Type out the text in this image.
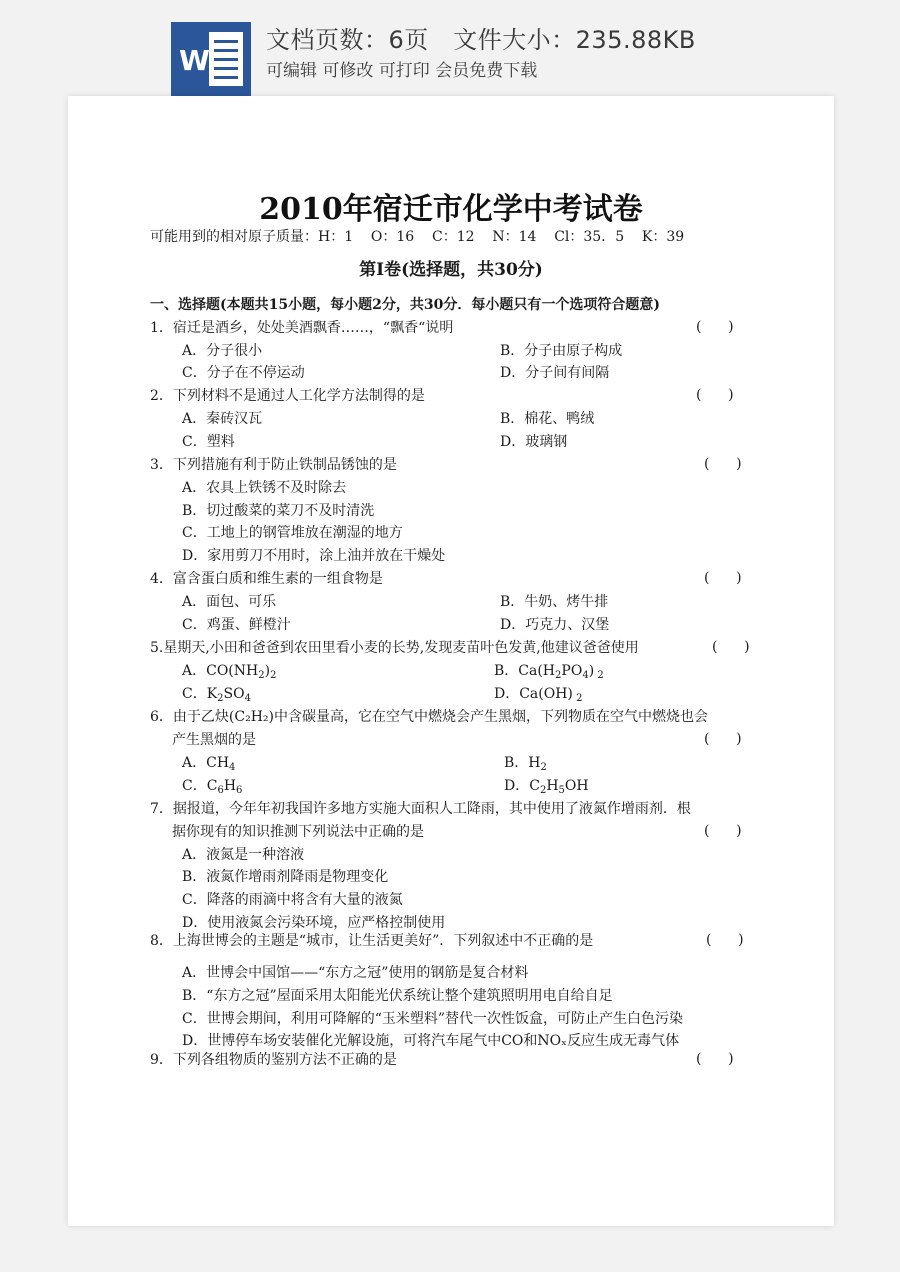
W
文档页数：6页   文件大小：235.88KB
可编辑 可修改 可打印 会员免费下载
2010年宿迁市化学中考试卷
可能用到的相对原子质量：H：1    O：16    C：12    N：14    Cl：35．5    K：39
第Ⅰ卷(选择题，共30分)
一、选择题(本题共15小题，每小题2分，共30分．每小题只有一个选项符合题意)
1．宿迁是酒乡，处处美酒飘香……，“飘香“说明	(      )
A．分子很小	B．分子由原子构成
C．分子在不停运动	D．分子间有间隔
2．下列材料不是通过人工化学方法制得的是	(      )
A．秦砖汉瓦	B．棉花、鸭绒
C．塑料	D．玻璃钢
3．下列措施有利于防止铁制品锈蚀的是	(      )
A．农具上铁锈不及时除去
B．切过酸菜的菜刀不及时清洗
C．工地上的钢管堆放在潮湿的地方
D．家用剪刀不用时，涂上油并放在干燥处
4．富含蛋白质和维生素的一组食物是	(      )
A．面包、可乐	B．牛奶、烤牛排
C．鸡蛋、鲜橙汁	D．巧克力、汉堡
5.星期天,小田和爸爸到农田里看小麦的长势,发现麦苗叶色发黄,他建议爸爸使用	(      )
A．$CO(NH_2)_2$	B．$Ca(H_2PO_4)$ $_2$
C．$K_2SO_4$	D．Ca(OH) $_2$
6．由于乙炔(C₂H₂)中含碳量高，它在空气中燃烧会产生黑烟，下列物质在空气中燃烧也会
产生黑烟的是	(      )
A．$CH_4$	B．$H_2$
C．$C_6H_6$	D．$C_2H_5OH$
7．据报道，今年年初我国许多地方实施大面积人工降雨，其中使用了液氮作增雨剂．根
据你现有的知识推测下列说法中正确的是	(      )
A．液氮是一种溶液
B．液氮作增雨剂降雨是物理变化
C．降落的雨滴中将含有大量的液氮
D．使用液氮会污染环境，应严格控制使用
8．上海世博会的主题是“城市，让生活更美好”．下列叙述中不正确的是	(      )
A．世博会中国馆——“东方之冠”使用的钢筋是复合材料
B．“东方之冠”屋面采用太阳能光伏系统让整个建筑照明用电自给自足
C．世博会期间，利用可降解的“玉米塑料”替代一次性饭盒，可防止产生白色污染
D．世博停车场安装催化光解设施，可将汽车尾气中CO和NOₓ反应生成无毒气体
9．下列各组物质的鉴别方法不正确的是	(      )
